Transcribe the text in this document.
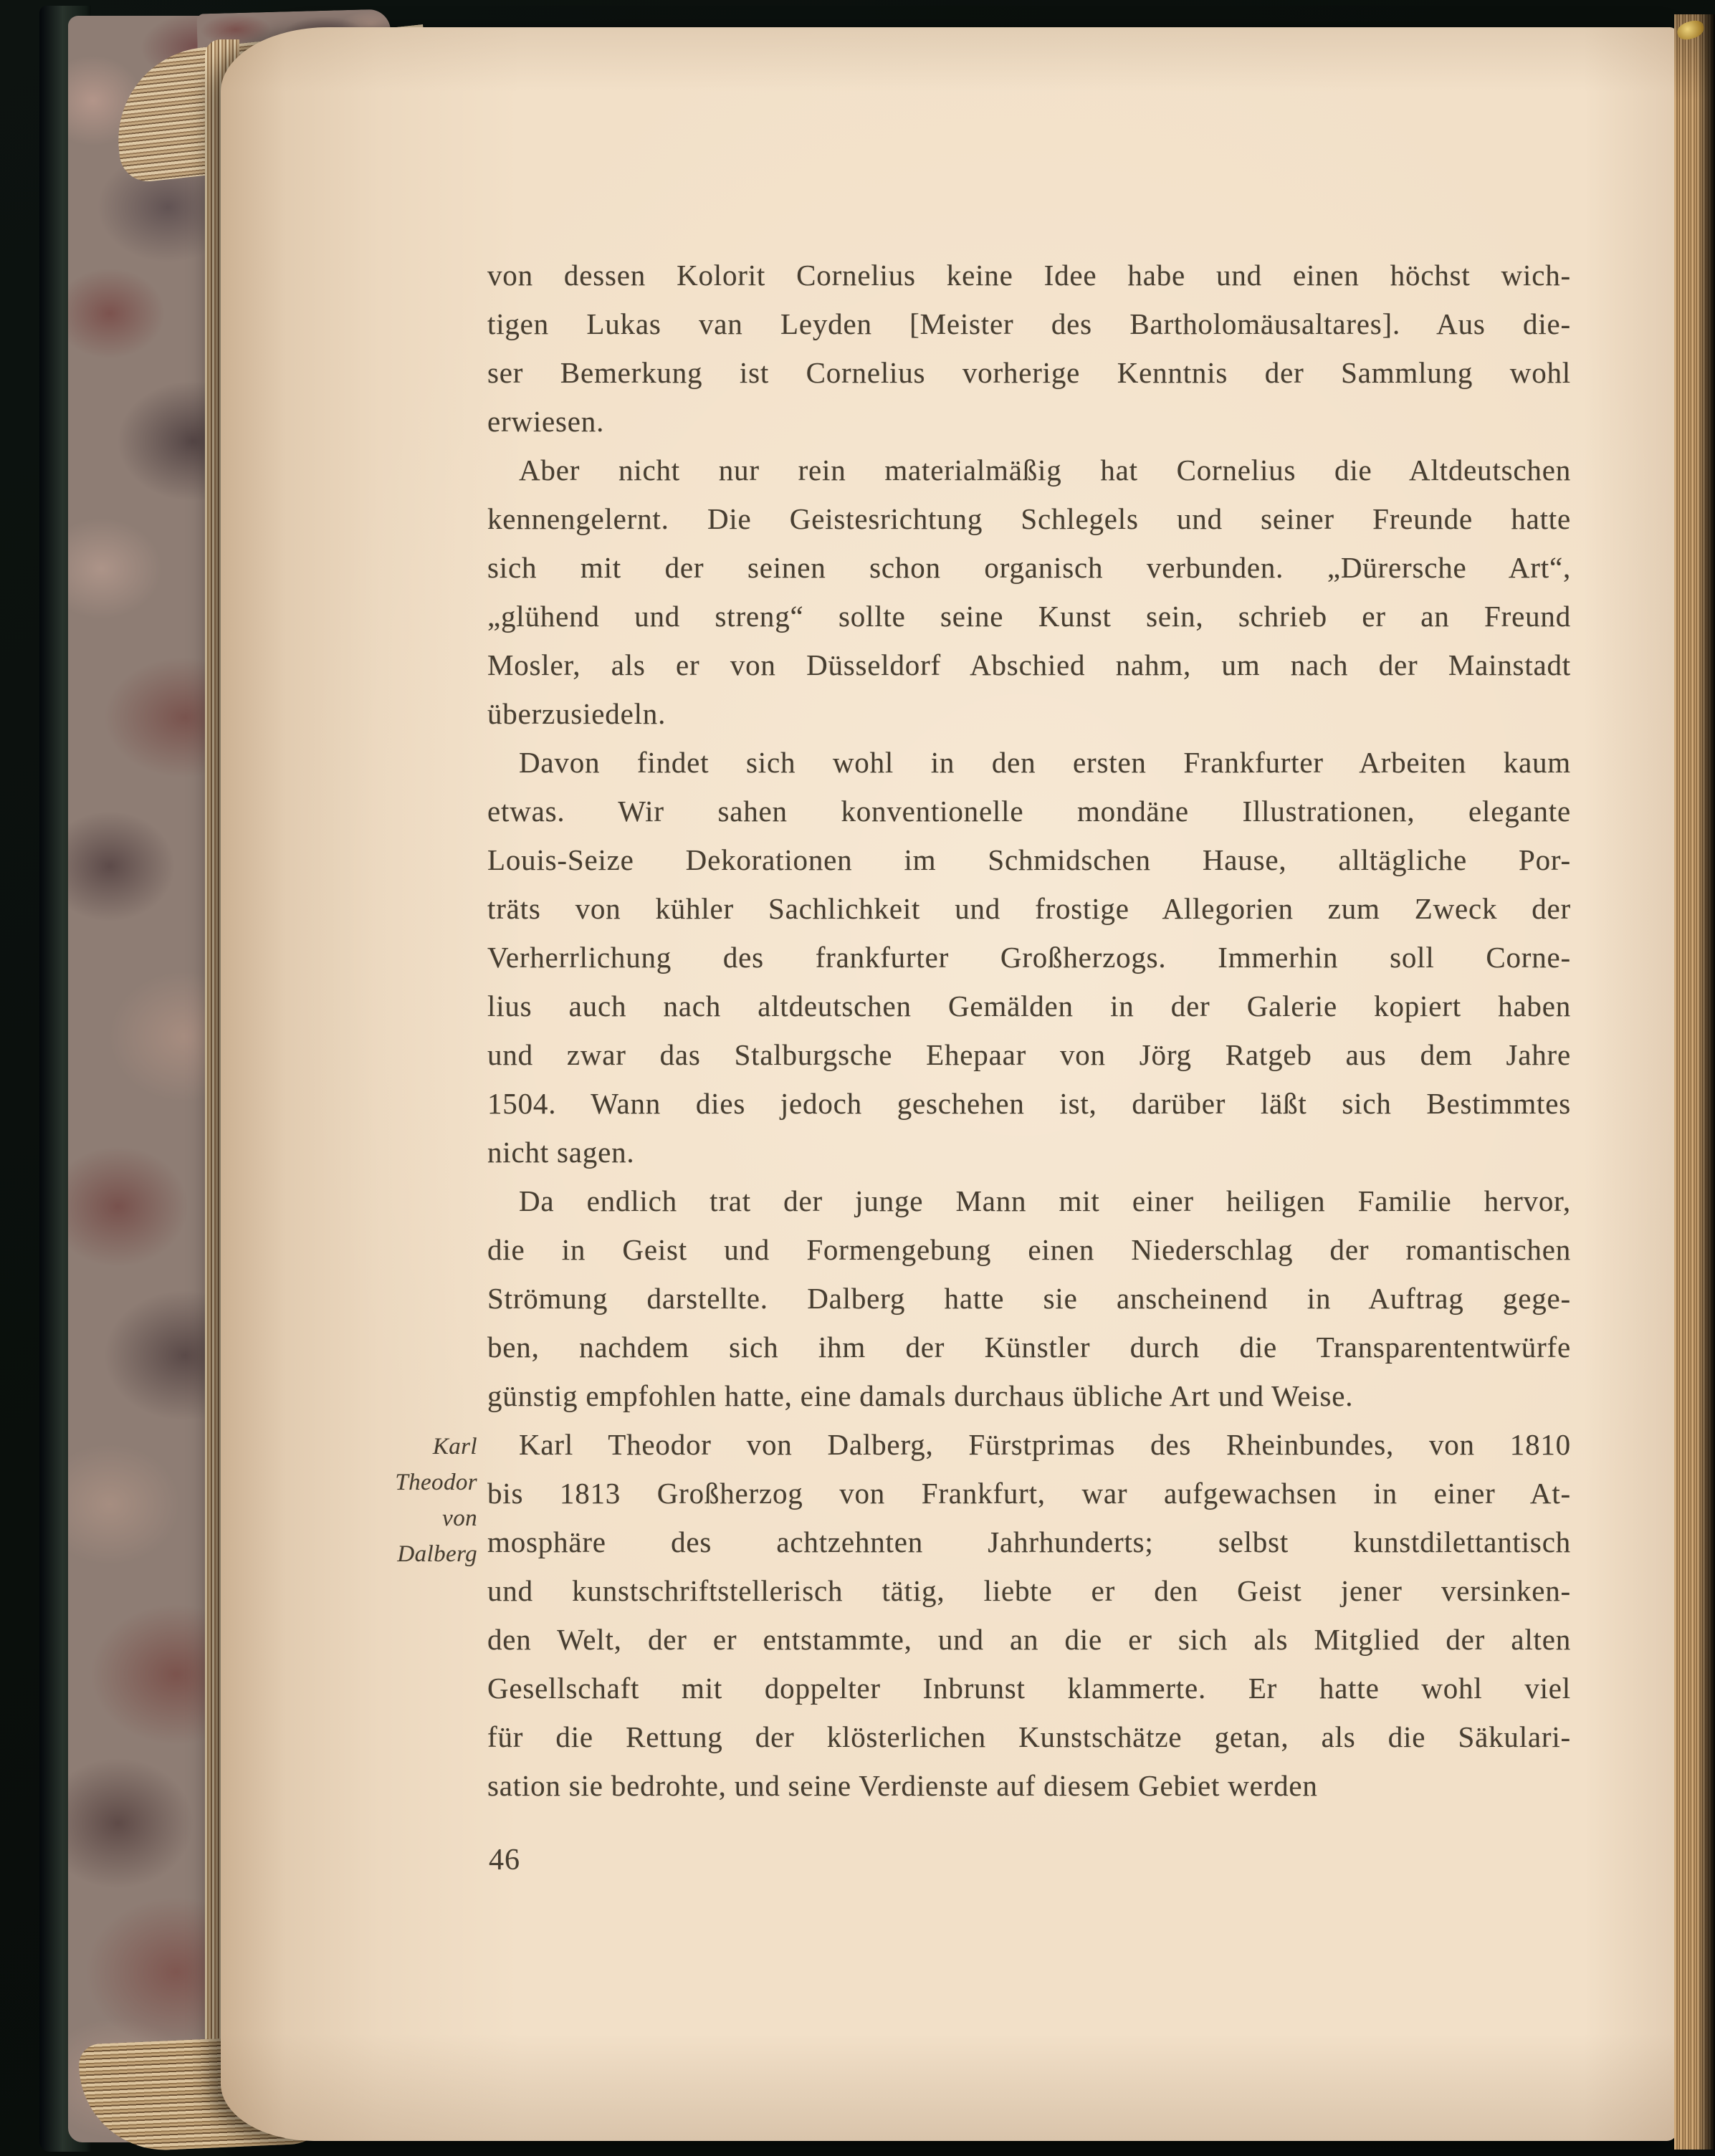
Karl
Theodor
von
Dalberg
von dessen Kolorit Cornelius keine Idee habe und einen höchst wich-
tigen Lukas van Leyden [Meister des Bartholomäusaltares]. Aus die-
ser Bemerkung ist Cornelius vorherige Kenntnis der Sammlung wohl
erwiesen.
Aber nicht nur rein materialmäßig hat Cornelius die Altdeutschen
kennengelernt. Die Geistesrichtung Schlegels und seiner Freunde hatte
sich mit der seinen schon organisch verbunden. „Dürersche Art“,
„glühend und streng“ sollte seine Kunst sein, schrieb er an Freund
Mosler, als er von Düsseldorf Abschied nahm, um nach der Mainstadt
überzusiedeln.
Davon findet sich wohl in den ersten Frankfurter Arbeiten kaum
etwas. Wir sahen konventionelle mondäne Illustrationen, elegante
Louis-Seize Dekorationen im Schmidschen Hause, alltägliche Por-
träts von kühler Sachlichkeit und frostige Allegorien zum Zweck der
Verherrlichung des frankfurter Großherzogs. Immerhin soll Corne-
lius auch nach altdeutschen Gemälden in der Galerie kopiert haben
und zwar das Stalburgsche Ehepaar von Jörg Ratgeb aus dem Jahre
1504. Wann dies jedoch geschehen ist, darüber läßt sich Bestimmtes
nicht sagen.
Da endlich trat der junge Mann mit einer heiligen Familie hervor,
die in Geist und Formengebung einen Niederschlag der romantischen
Strömung darstellte. Dalberg hatte sie anscheinend in Auftrag gege-
ben, nachdem sich ihm der Künstler durch die Transparententwürfe
günstig empfohlen hatte, eine damals durchaus übliche Art und Weise.
Karl Theodor von Dalberg, Fürstprimas des Rheinbundes, von 1810
bis 1813 Großherzog von Frankfurt, war aufgewachsen in einer At-
mosphäre des achtzehnten Jahrhunderts; selbst kunstdilettantisch
und kunstschriftstellerisch tätig, liebte er den Geist jener versinken-
den Welt, der er entstammte, und an die er sich als Mitglied der alten
Gesellschaft mit doppelter Inbrunst klammerte. Er hatte wohl viel
für die Rettung der klösterlichen Kunstschätze getan, als die Säkulari-
sation sie bedrohte, und seine Verdienste auf diesem Gebiet werden
46
